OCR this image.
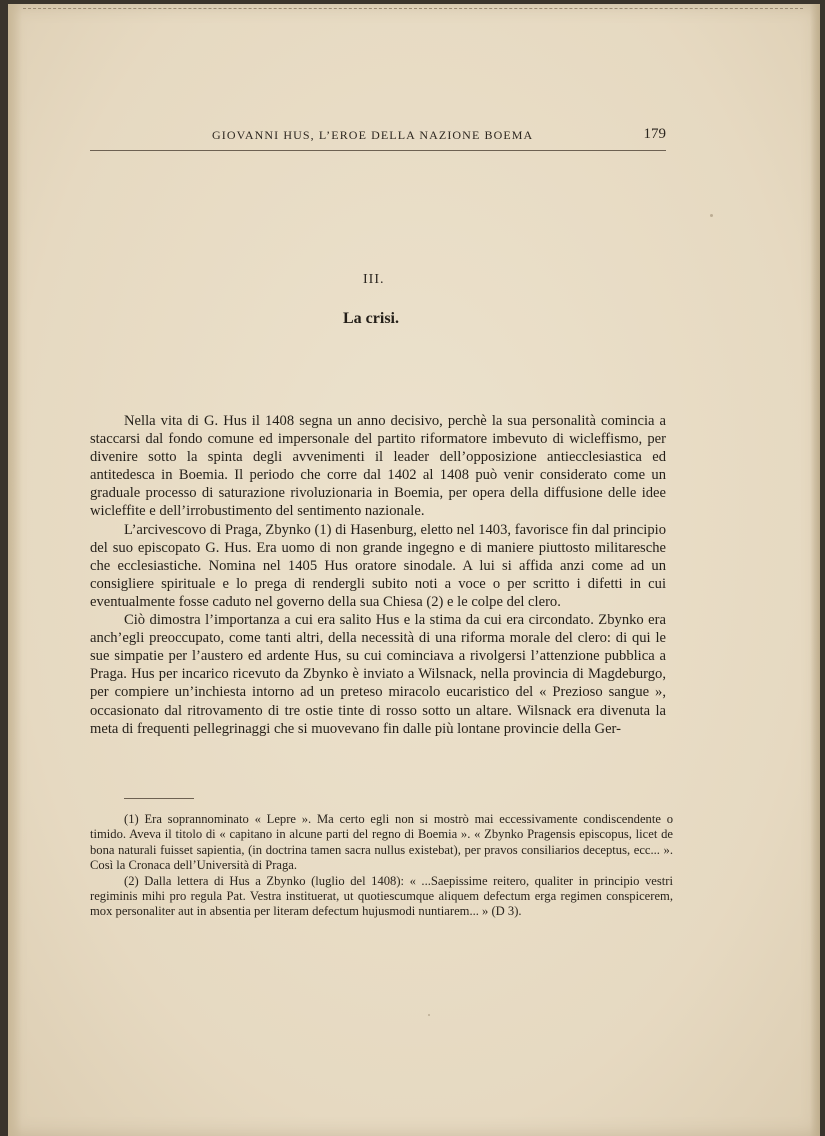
GIOVANNI HUS, L’EROE DELLA NAZIONE BOEMA	179
III.
La crisi.

Nella vita di G. Hus il 1408 segna un anno decisivo, perchè la sua personalità comincia a staccarsi dal fondo comune ed impersonale del partito riformatore imbevuto di wicleffismo, per divenire sotto la spinta degli avvenimenti il leader dell’opposizione antiecclesiastica ed antitedesca in Boemia. Il periodo che corre dal 1402 al 1408 può venir considerato come un graduale processo di saturazione rivoluzionaria in Boemia, per opera della diffusione delle idee wicleffite e dell’irrobustimento del sentimento nazionale.

L’arcivescovo di Praga, Zbynko (1) di Hasenburg, eletto nel 1403, favorisce fin dal principio del suo episcopato G. Hus. Era uomo di non grande ingegno e di maniere piuttosto militaresche che ecclesiastiche. Nomina nel 1405 Hus oratore sinodale. A lui si affida anzi come ad un consigliere spirituale e lo prega di rendergli subito noti a voce o per scritto i difetti in cui eventualmente fosse caduto nel governo della sua Chiesa (2) e le colpe del clero.

Ciò dimostra l’importanza a cui era salito Hus e la stima da cui era circondato. Zbynko era anch’egli preoccupato, come tanti altri, della necessità di una riforma morale del clero: di qui le sue simpatie per l’austero ed ardente Hus, su cui cominciava a rivolgersi l’attenzione pubblica a Praga. Hus per incarico ricevuto da Zbynko è inviato a Wilsnack, nella provincia di Magdeburgo, per compiere un’inchiesta intorno ad un preteso miracolo eucaristico del « Prezioso sangue », occasionato dal ritrovamento di tre ostie tinte di rosso sotto un altare. Wilsnack era divenuta la meta di frequenti pellegrinaggi che si muovevano fin dalle più lontane provincie della Ger-

(1) Era soprannominato « Lepre ». Ma certo egli non si mostrò mai eccessivamente condiscendente o timido. Aveva il titolo di « capitano in alcune parti del regno di Boemia ». « Zbynko Pragensis episcopus, licet de bona naturali fuisset sapientia, (in doctrina tamen sacra nullus existebat), per pravos consiliarios deceptus, ecc... ». Così la Cronaca dell’Università di Praga.

(2) Dalla lettera di Hus a Zbynko (luglio del 1408): « ...Saepissime reitero, qualiter in principio vestri regiminis mihi pro regula Pat. Vestra instituerat, ut quotiescumque aliquem defectum erga regimen conspicerem, mox personaliter aut in absentia per literam defectum hujusmodi nuntiarem... » (D 3).
